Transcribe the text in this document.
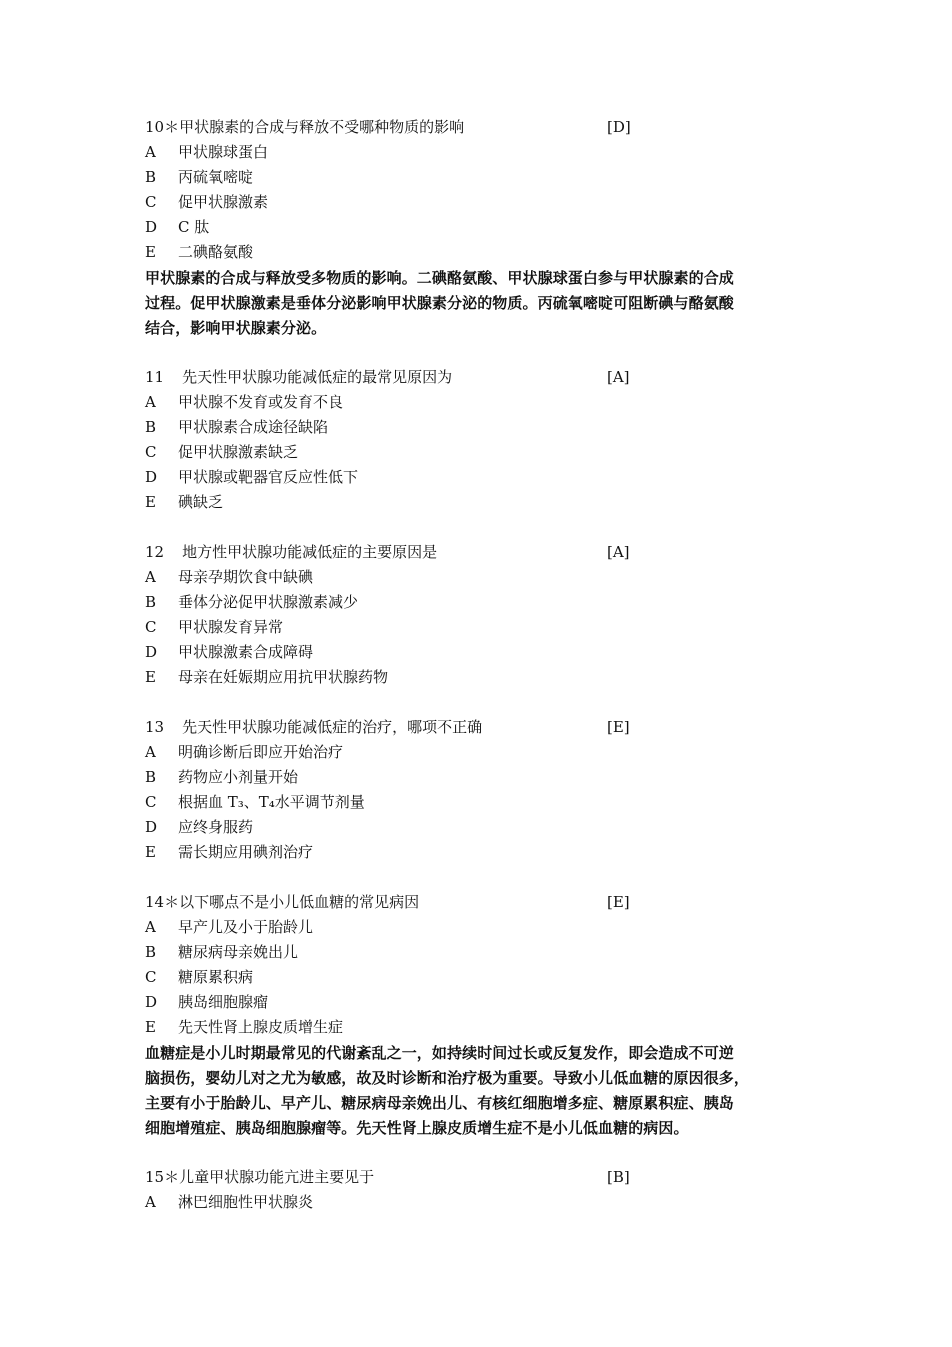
10＊甲状腺素的合成与释放不受哪种物质的影响	[D]
A 甲状腺球蛋白
B 丙硫氧嘧啶
C 促甲状腺激素
D C 肽
E 二碘酪氨酸
甲状腺素的合成与释放受多物质的影响。二碘酪氨酸、甲状腺球蛋白参与甲状腺素的合成
过程。促甲状腺激素是垂体分泌影响甲状腺素分泌的物质。丙硫氧嘧啶可阻断碘与酪氨酸
结合，影响甲状腺素分泌。
11 先天性甲状腺功能减低症的最常见原因为	[A]
A 甲状腺不发育或发育不良
B 甲状腺素合成途径缺陷
C 促甲状腺激素缺乏
D 甲状腺或靶器官反应性低下
E 碘缺乏
12 地方性甲状腺功能减低症的主要原因是	[A]
A 母亲孕期饮食中缺碘
B 垂体分泌促甲状腺激素减少
C 甲状腺发育异常
D 甲状腺激素合成障碍
E 母亲在妊娠期应用抗甲状腺药物
13 先天性甲状腺功能减低症的治疗，哪项不正确	[E]
A 明确诊断后即应开始治疗
B 药物应小剂量开始
C 根据血 T₃、T₄水平调节剂量
D 应终身服药
E 需长期应用碘剂治疗
14＊以下哪点不是小儿低血糖的常见病因	[E]
A 早产儿及小于胎龄儿
B 糖尿病母亲娩出儿
C 糖原累积病
D 胰岛细胞腺瘤
E 先天性肾上腺皮质增生症
血糖症是小儿时期最常见的代谢紊乱之一，如持续时间过长或反复发作，即会造成不可逆
脑损伤，婴幼儿对之尤为敏感，故及时诊断和治疗极为重要。导致小儿低血糖的原因很多，
主要有小于胎龄儿、早产儿、糖尿病母亲娩出儿、有核红细胞增多症、糖原累积症、胰岛
细胞增殖症、胰岛细胞腺瘤等。先天性肾上腺皮质增生症不是小儿低血糖的病因。
15＊儿童甲状腺功能亢进主要见于	[B]
A 淋巴细胞性甲状腺炎
